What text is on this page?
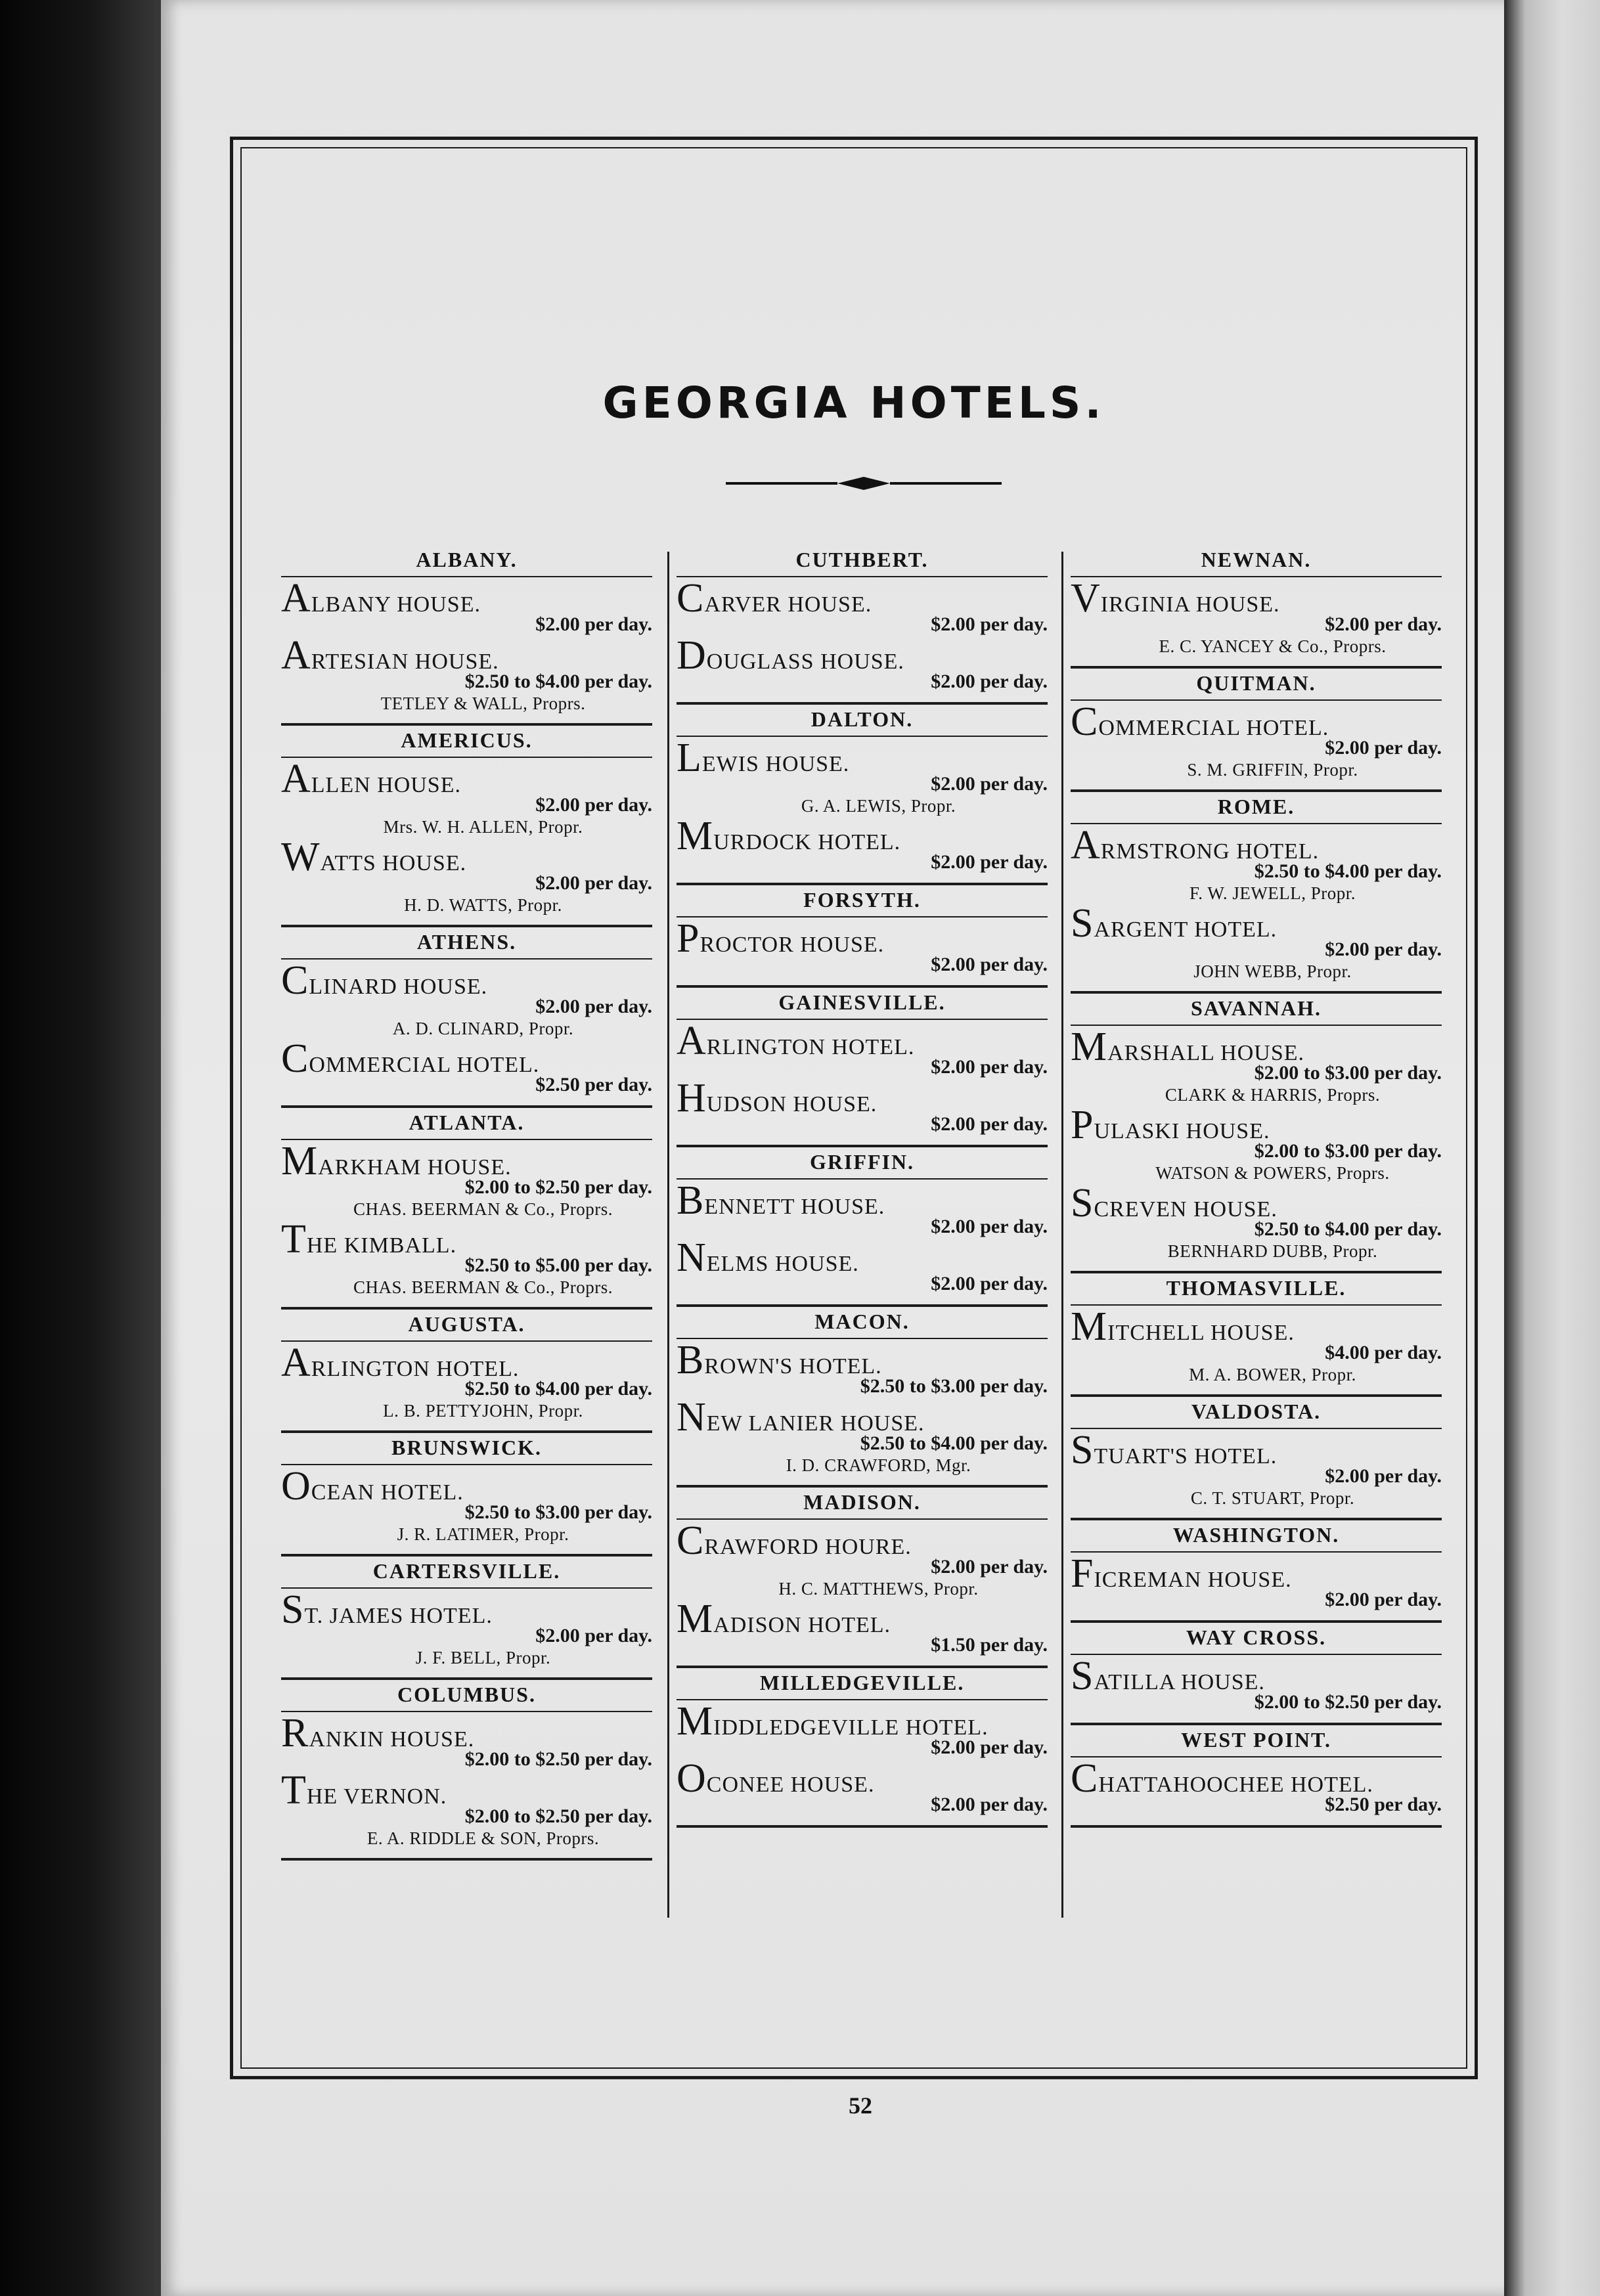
GEORGIA HOTELS.
ALBANY.
ALBANY HOUSE.
$2.00 per day.
ARTESIAN HOUSE.
$2.50 to $4.00 per day.
TETLEY & WALL, Proprs.
AMERICUS.
ALLEN HOUSE.
$2.00 per day.
Mrs. W. H. ALLEN, Propr.
WATTS HOUSE.
$2.00 per day.
H. D. WATTS, Propr.
ATHENS.
CLINARD HOUSE.
$2.00 per day.
A. D. CLINARD, Propr.
COMMERCIAL HOTEL.
$2.50 per day.
ATLANTA.
MARKHAM HOUSE.
$2.00 to $2.50 per day.
CHAS. BEERMAN & Co., Proprs.
THE KIMBALL.
$2.50 to $5.00 per day.
CHAS. BEERMAN & Co., Proprs.
AUGUSTA.
ARLINGTON HOTEL.
$2.50 to $4.00 per day.
L. B. PETTYJOHN, Propr.
BRUNSWICK.
OCEAN HOTEL.
$2.50 to $3.00 per day.
J. R. LATIMER, Propr.
CARTERSVILLE.
ST. JAMES HOTEL.
$2.00 per day.
J. F. BELL, Propr.
COLUMBUS.
RANKIN HOUSE.
$2.00 to $2.50 per day.
THE VERNON.
$2.00 to $2.50 per day.
E. A. RIDDLE & SON, Proprs.
CUTHBERT.
CARVER HOUSE.
$2.00 per day.
DOUGLASS HOUSE.
$2.00 per day.
DALTON.
LEWIS HOUSE.
$2.00 per day.
G. A. LEWIS, Propr.
MURDOCK HOTEL.
$2.00 per day.
FORSYTH.
PROCTOR HOUSE.
$2.00 per day.
GAINESVILLE.
ARLINGTON HOTEL.
$2.00 per day.
HUDSON HOUSE.
$2.00 per day.
GRIFFIN.
BENNETT HOUSE.
$2.00 per day.
NELMS HOUSE.
$2.00 per day.
MACON.
BROWN'S HOTEL.
$2.50 to $3.00 per day.
NEW LANIER HOUSE.
$2.50 to $4.00 per day.
I. D. CRAWFORD, Mgr.
MADISON.
CRAWFORD HOURE.
$2.00 per day.
H. C. MATTHEWS, Propr.
MADISON HOTEL.
$1.50 per day.
MILLEDGEVILLE.
MIDDLEDGEVILLE HOTEL.
$2.00 per day.
OCONEE HOUSE.
$2.00 per day.
NEWNAN.
VIRGINIA HOUSE.
$2.00 per day.
E. C. YANCEY & Co., Proprs.
QUITMAN.
COMMERCIAL HOTEL.
$2.00 per day.
S. M. GRIFFIN, Propr.
ROME.
ARMSTRONG HOTEL.
$2.50 to $4.00 per day.
F. W. JEWELL, Propr.
SARGENT HOTEL.
$2.00 per day.
JOHN WEBB, Propr.
SAVANNAH.
MARSHALL HOUSE.
$2.00 to $3.00 per day.
CLARK & HARRIS, Proprs.
PULASKI HOUSE.
$2.00 to $3.00 per day.
WATSON & POWERS, Proprs.
SCREVEN HOUSE.
$2.50 to $4.00 per day.
BERNHARD DUBB, Propr.
THOMASVILLE.
MITCHELL HOUSE.
$4.00 per day.
M. A. BOWER, Propr.
VALDOSTA.
STUART'S HOTEL.
$2.00 per day.
C. T. STUART, Propr.
WASHINGTON.
FICREMAN HOUSE.
$2.00 per day.
WAY CROSS.
SATILLA HOUSE.
$2.00 to $2.50 per day.
WEST POINT.
CHATTAHOOCHEE HOTEL.
$2.50 per day.
52
